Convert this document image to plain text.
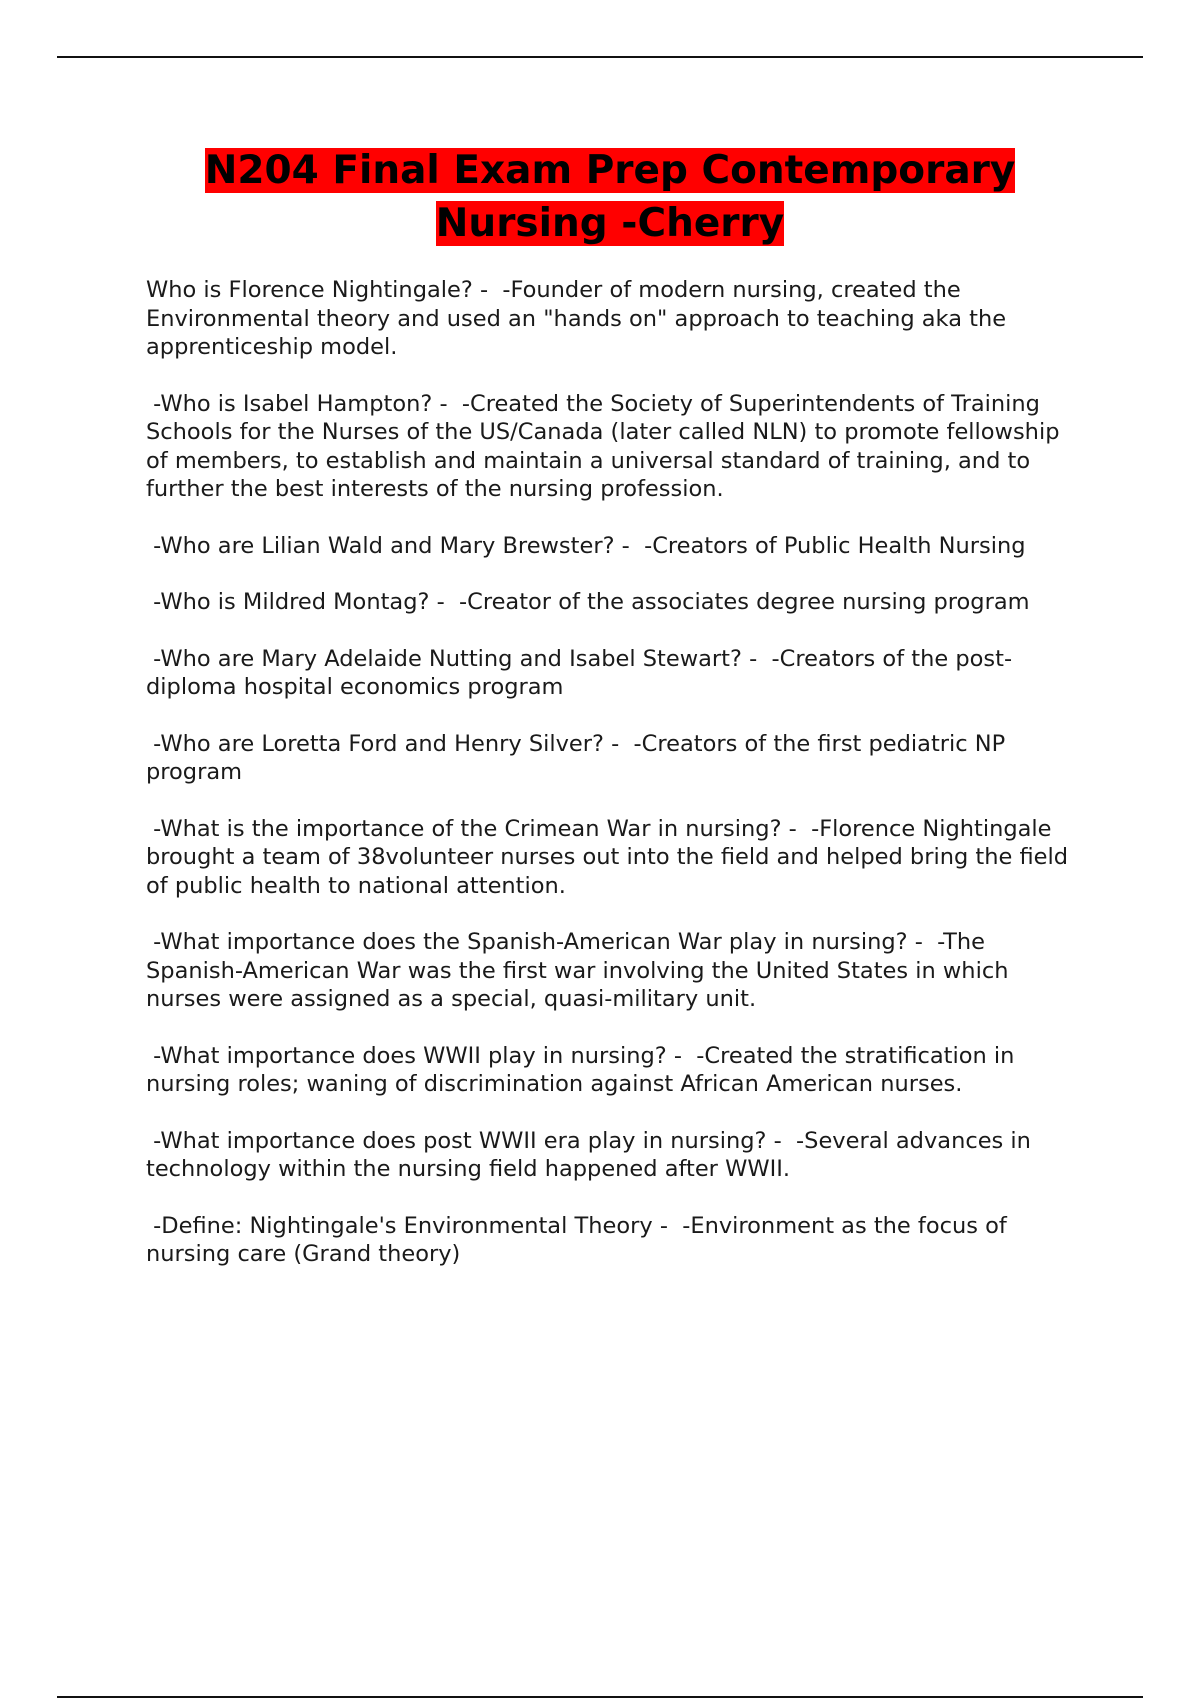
N204 Final Exam Prep Contemporary Nursing -Cherry

Who is Florence Nightingale? -  -Founder of modern nursing, created the Environmental theory and used an "hands on" approach to teaching aka the apprenticeship model.

-Who is Isabel Hampton? -  -Created the Society of Superintendents of Training Schools for the Nurses of the US/Canada (later called NLN) to promote fellowship of members, to establish and maintain a universal standard of training, and to further the best interests of the nursing profession.

-Who are Lilian Wald and Mary Brewster? -  -Creators of Public Health Nursing

-Who is Mildred Montag? -  -Creator of the associates degree nursing program

-Who are Mary Adelaide Nutting and Isabel Stewart? -  -Creators of the post-diploma hospital economics program

-Who are Loretta Ford and Henry Silver? -  -Creators of the first pediatric NP program

-What is the importance of the Crimean War in nursing? -  -Florence Nightingale brought a team of 38volunteer nurses out into the field and helped bring the field of public health to national attention.

-What importance does the Spanish-American War play in nursing? -  -The Spanish-American War was the first war involving the United States in which nurses were assigned as a special, quasi-military unit.

-What importance does WWII play in nursing? -  -Created the stratification in nursing roles; waning of discrimination against African American nurses.

-What importance does post WWII era play in nursing? -  -Several advances in technology within the nursing field happened after WWII.

-Define: Nightingale's Environmental Theory -  -Environment as the focus of nursing care (Grand theory)
